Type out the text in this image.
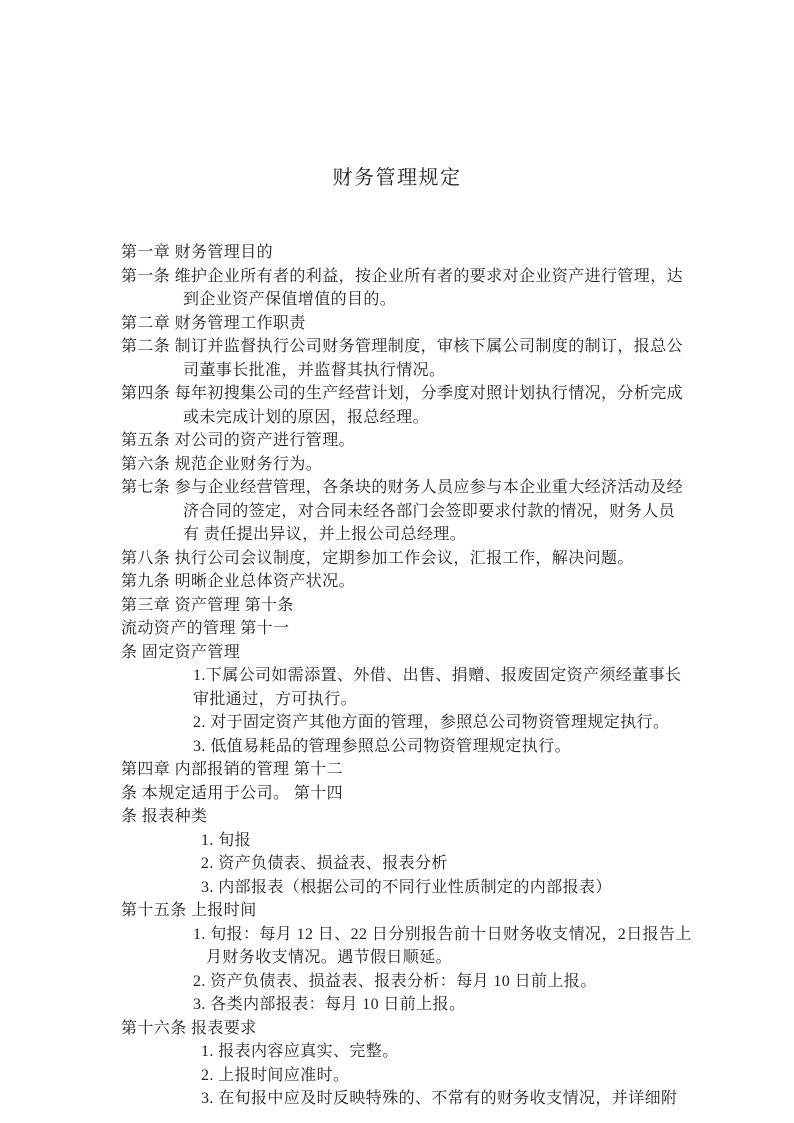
财务管理规定
第一章 财务管理目的
第一条 维护企业所有者的利益，按企业所有者的要求对企业资产进行管理，达
到企业资产保值增值的目的。
第二章 财务管理工作职责
第二条 制订并监督执行公司财务管理制度，审核下属公司制度的制订，报总公
司董事长批准，并监督其执行情况。
第四条 每年初搜集公司的生产经营计划，分季度对照计划执行情况，分析完成
或未完成计划的原因，报总经理。
第五条 对公司的资产进行管理。
第六条 规范企业财务行为。
第七条 参与企业经营管理，各条块的财务人员应参与本企业重大经济活动及经
济合同的签定，对合同未经各部门会签即要求付款的情况，财务人员
有 责任提出异议，并上报公司总经理。
第八条 执行公司会议制度，定期参加工作会议，汇报工作，解决问题。
第九条 明晰企业总体资产状况。
第三章 资产管理 第十条
流动资产的管理 第十一
条 固定资产管理
1.下属公司如需添置、外借、出售、捐赠、报废固定资产须经董事长
审批通过，方可执行。
2. 对于固定资产其他方面的管理，参照总公司物资管理规定执行。
3. 低值易耗品的管理参照总公司物资管理规定执行。
第四章 内部报销的管理 第十二
条 本规定适用于公司。 第十四
条 报表种类
1. 旬报
2. 资产负债表、损益表、报表分析
3. 内部报表（根据公司的不同行业性质制定的内部报表）
第十五条 上报时间
1. 旬报：每月 12 日、22 日分别报告前十日财务收支情况，2日报告上
月财务收支情况。遇节假日顺延。
2. 资产负债表、损益表、报表分析：每月 10 日前上报。
3. 各类内部报表：每月 10 日前上报。
第十六条 报表要求
1. 报表内容应真实、完整。
2. 上报时间应准时。
3. 在旬报中应及时反映特殊的、不常有的财务收支情况，并详细附
